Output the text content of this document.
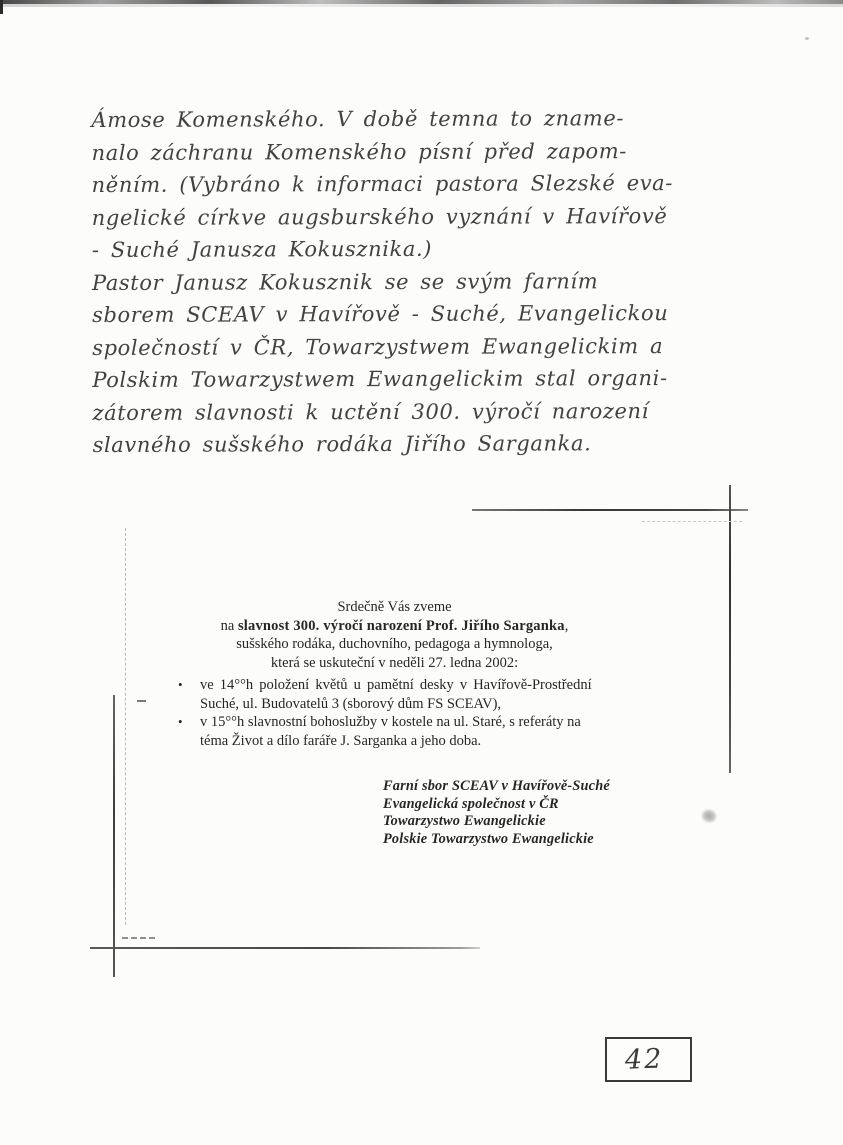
Ámose Komenského. V době temna to zname-
nalo záchranu Komenského písní před zapom-
něním. (Vybráno k informaci pastora Slezské eva-
ngelické církve augsburského vyznání v Havířově
- Suché Janusza Kokusznika.)
Pastor Janusz Kokusznik se se svým farním
sborem SCEAV v Havířově - Suché, Evangelickou
společností v ČR, Towarzystwem Ewangelickim a
Polskim Towarzystwem Ewangelickim stal organi-
zátorem slavnosti k uctění 300. výročí narození
slavného sušského rodáka Jiřího Sarganka.
Srdečně Vás zveme
na slavnost 300. výročí narození Prof. Jiřího Sarganka,
sušského rodáka, duchovního, pedagoga a hymnologa,
která se uskuteční v neděli 27. ledna 2002:
•	ve 14°°h položení květů u pamětní desky v Havířově-Prostřední
Suché, ul. Budovatelů 3 (sborový dům FS SCEAV),
•	v 15°°h slavnostní bohoslužby v kostele na ul. Staré, s referáty na
téma Život a dílo faráře J. Sarganka a jeho doba.
Farní sbor SCEAV v Havířově-Suché
Evangelická společnost v ČR
Towarzystwo Ewangelickie
Polskie Towarzystwo Ewangelickie
42
